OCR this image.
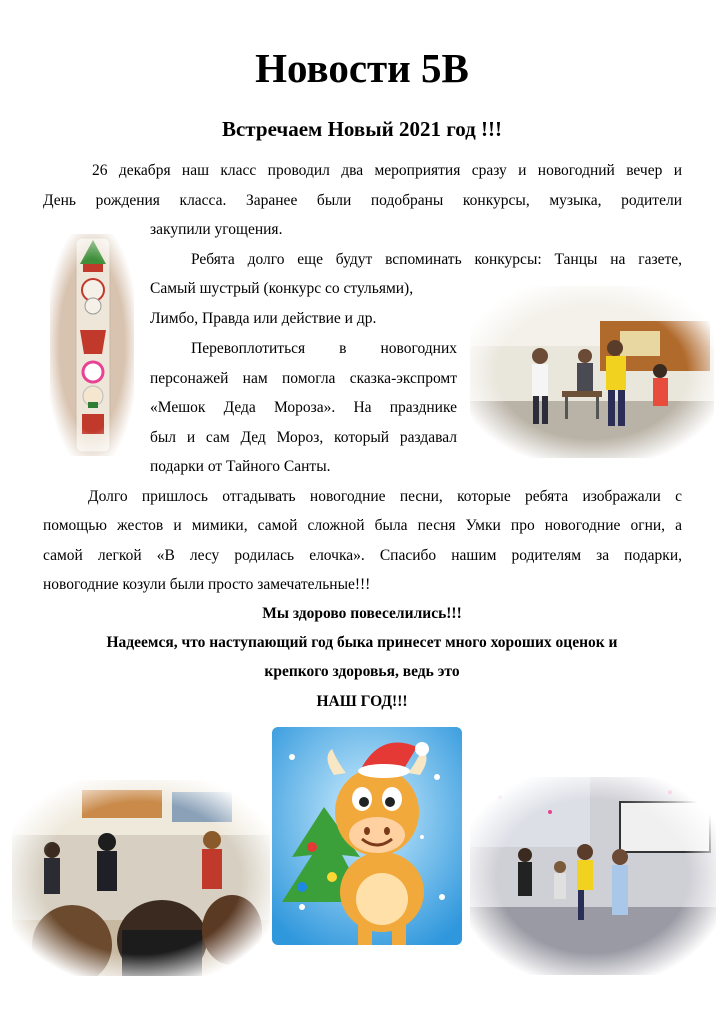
Новости 5В
Встречаем Новый 2021 год !!!
26 декабря наш класс проводил два мероприятия сразу и новогодний вечер и
День рождения класса. Заранее были подобраны конкурсы, музыка, родители
закупили угощения.
Ребята долго еще будут вспоминать конкурсы: Танцы на газете,
Самый шустрый (конкурс со стульями),
Лимбо, Правда или действие и др.
Перевоплотиться в новогодних
персонажей нам помогла сказка-экспромт
«Мешок Деда Мороза». На празднике
был и сам Дед Мороз, который раздавал
подарки от Тайного Санты.
Долго пришлось отгадывать новогодние песни, которые ребята изображали с
помощью жестов и мимики, самой сложной была песня Умки про новогодние огни, а
самой легкой «В лесу родилась елочка». Спасибо нашим родителям за подарки,
новогодние козули были просто замечательные!!!
Мы здорово повеселились!!!
Надеемся, что наступающий год быка принесет много хороших оценок и
крепкого здоровья, ведь это
НАШ ГОД!!!
